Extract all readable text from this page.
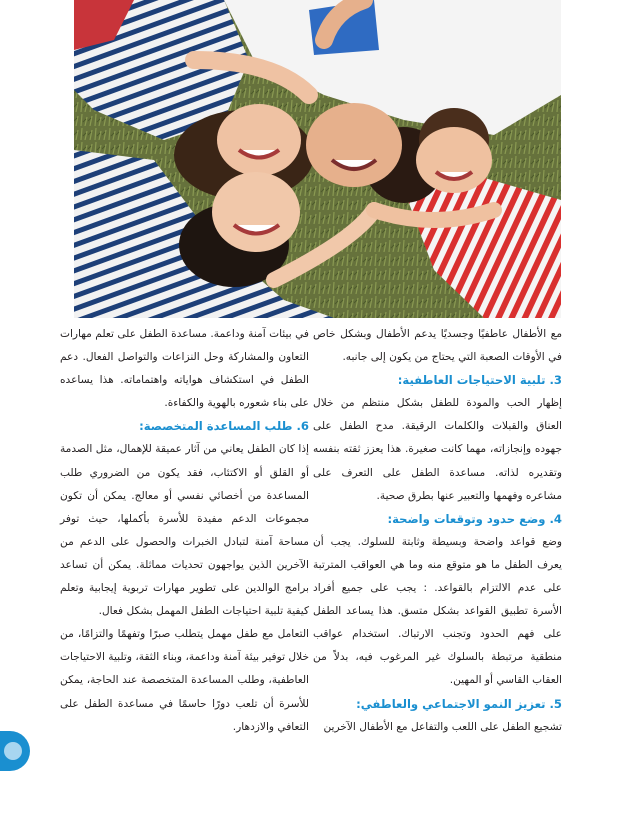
مع الأطفال عاطفيًا وجسديًا يدعم الأطفال وبشكل خاص في الأوقات الصعبة التي يحتاج من يكون إلى جانبه.

3. تلبية الاحتياجات العاطفية:

إظهار الحب والمودة للطفل بشكل منتظم من خلال العناق والقبلات والكلمات الرقيقة. مدح الطفل على جهوده وإنجازاته، مهما كانت صغيرة. هذا يعزز ثقته بنفسه وتقديره لذاته. مساعدة الطفل على التعرف على مشاعره وفهمها والتعبير عنها بطرق صحية.

4. وضع حدود وتوقعات واضحة:

وضع قواعد واضحة وبسيطة وثابتة للسلوك. يجب أن يعرف الطفل ما هو متوقع منه وما هي العواقب المترتبة على عدم الالتزام بالقواعد. : يجب على جميع أفراد الأسرة تطبيق القواعد بشكل متسق. هذا يساعد الطفل على فهم الحدود وتجنب الارتباك. استخدام عواقب منطقية مرتبطة بالسلوك غير المرغوب فيه، بدلاً من العقاب القاسي أو المهين.

5. تعزيز النمو الاجتماعي والعاطفي:

تشجيع الطفل على اللعب والتفاعل مع الأطفال الآخرين

في بيئات آمنة وداعمة. مساعدة الطفل على تعلم مهارات التعاون والمشاركة وحل النزاعات والتواصل الفعال. دعم الطفل في استكشاف هواياته واهتماماته. هذا يساعده على بناء شعوره بالهوية والكفاءة.

6. طلب المساعدة المتخصصة:

إذا كان الطفل يعاني من آثار عميقة للإهمال، مثل الصدمة أو القلق أو الاكتئاب، فقد يكون من الضروري طلب المساعدة من أخصائي نفسي أو معالج. يمكن أن تكون مجموعات الدعم مفيدة للأسرة بأكملها، حيث توفر مساحة آمنة لتبادل الخبرات والحصول على الدعم من الآخرين الذين يواجهون تحديات مماثلة. يمكن أن تساعد برامج الوالدين على تطوير مهارات تربوية إيجابية وتعلم كيفية تلبية احتياجات الطفل المهمل بشكل فعال.

التعامل مع طفل مهمل يتطلب صبرًا وتفهمًا والتزامًا، من خلال توفير بيئة آمنة وداعمة، وبناء الثقة، وتلبية الاحتياجات العاطفية، وطلب المساعدة المتخصصة عند الحاجة، يمكن للأسرة أن تلعب دورًا حاسمًا في مساعدة الطفل على التعافي والازدهار.
